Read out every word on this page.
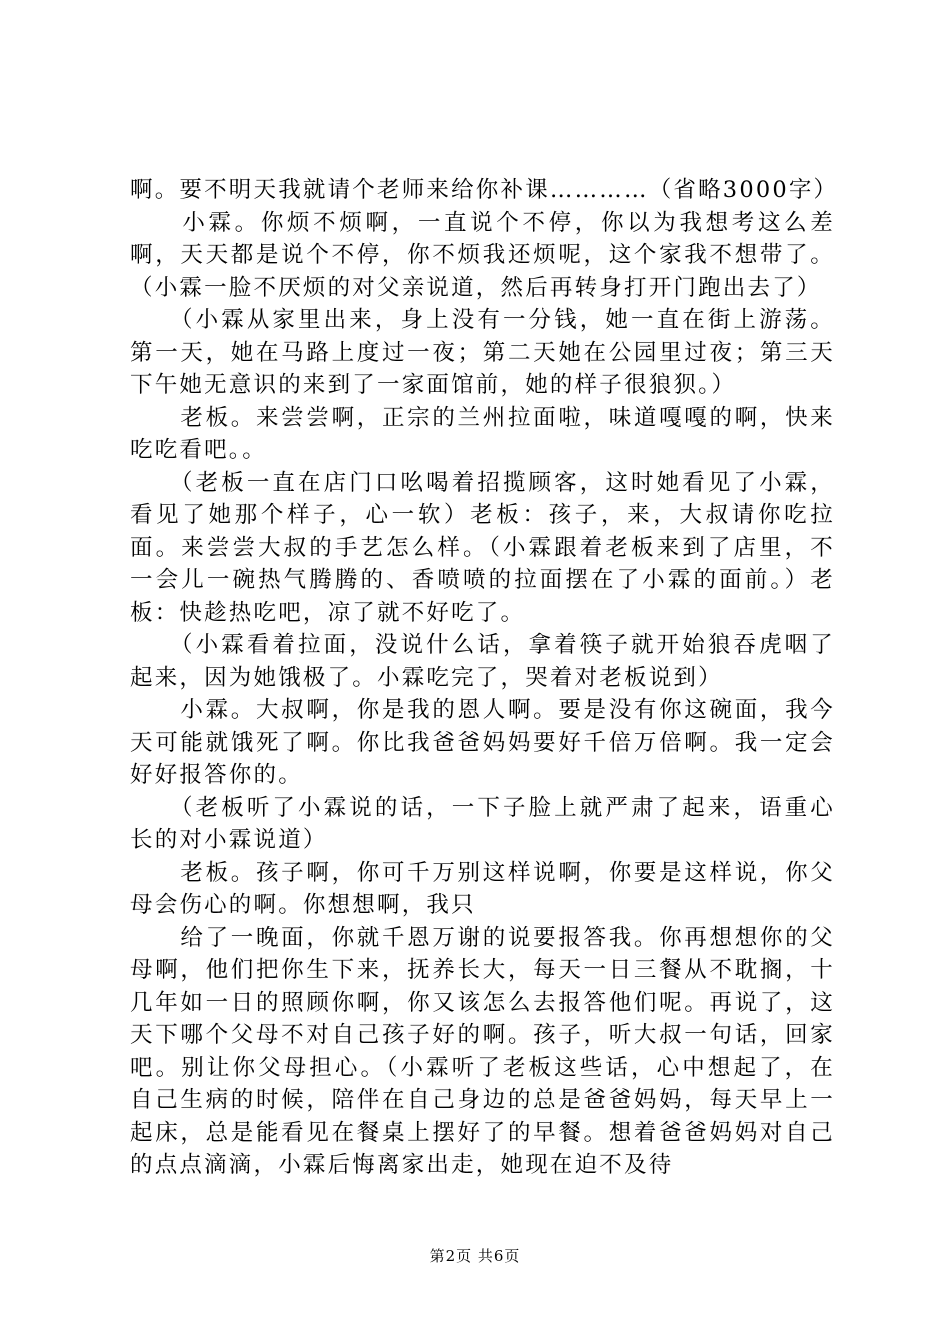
啊。要不明天我就请个老师来给你补课…………（省略3000字）

　　小霖。你烦不烦啊，一直说个不停，你以为我想考这么差啊，天天都是说个不停，你不烦我还烦呢，这个家我不想带了。（小霖一脸不厌烦的对父亲说道，然后再转身打开门跑出去了）

　　（小霖从家里出来，身上没有一分钱，她一直在街上游荡。第一天，她在马路上度过一夜；第二天她在公园里过夜；第三天下午她无意识的来到了一家面馆前，她的样子很狼狈。）

　　老板。来尝尝啊，正宗的兰州拉面啦，味道嘎嘎的啊，快来吃吃看吧。。

　　（老板一直在店门口吆喝着招揽顾客，这时她看见了小霖，看见了她那个样子，心一软）老板：孩子，来，大叔请你吃拉面。来尝尝大叔的手艺怎么样。（小霖跟着老板来到了店里，不一会儿一碗热气腾腾的、香喷喷的拉面摆在了小霖的面前。）老板：快趁热吃吧，凉了就不好吃了。

　　（小霖看着拉面，没说什么话，拿着筷子就开始狼吞虎咽了起来，因为她饿极了。小霖吃完了，哭着对老板说到）

　　小霖。大叔啊，你是我的恩人啊。要是没有你这碗面，我今天可能就饿死了啊。你比我爸爸妈妈要好千倍万倍啊。我一定会好好报答你的。

　　（老板听了小霖说的话，一下子脸上就严肃了起来，语重心长的对小霖说道）

　　老板。孩子啊，你可千万别这样说啊，你要是这样说，你父母会伤心的啊。你想想啊，我只

　　给了一晚面，你就千恩万谢的说要报答我。你再想想你的父母啊，他们把你生下来，抚养长大，每天一日三餐从不耽搁，十几年如一日的照顾你啊，你又该怎么去报答他们呢。再说了，这天下哪个父母不对自己孩子好的啊。孩子，听大叔一句话，回家吧。别让你父母担心。（小霖听了老板这些话，心中想起了，在自己生病的时候，陪伴在自己身边的总是爸爸妈妈，每天早上一起床，总是能看见在餐桌上摆好了的早餐。想着爸爸妈妈对自己的点点滴滴，小霖后悔离家出走，她现在迫不及待

第2页 共6页
